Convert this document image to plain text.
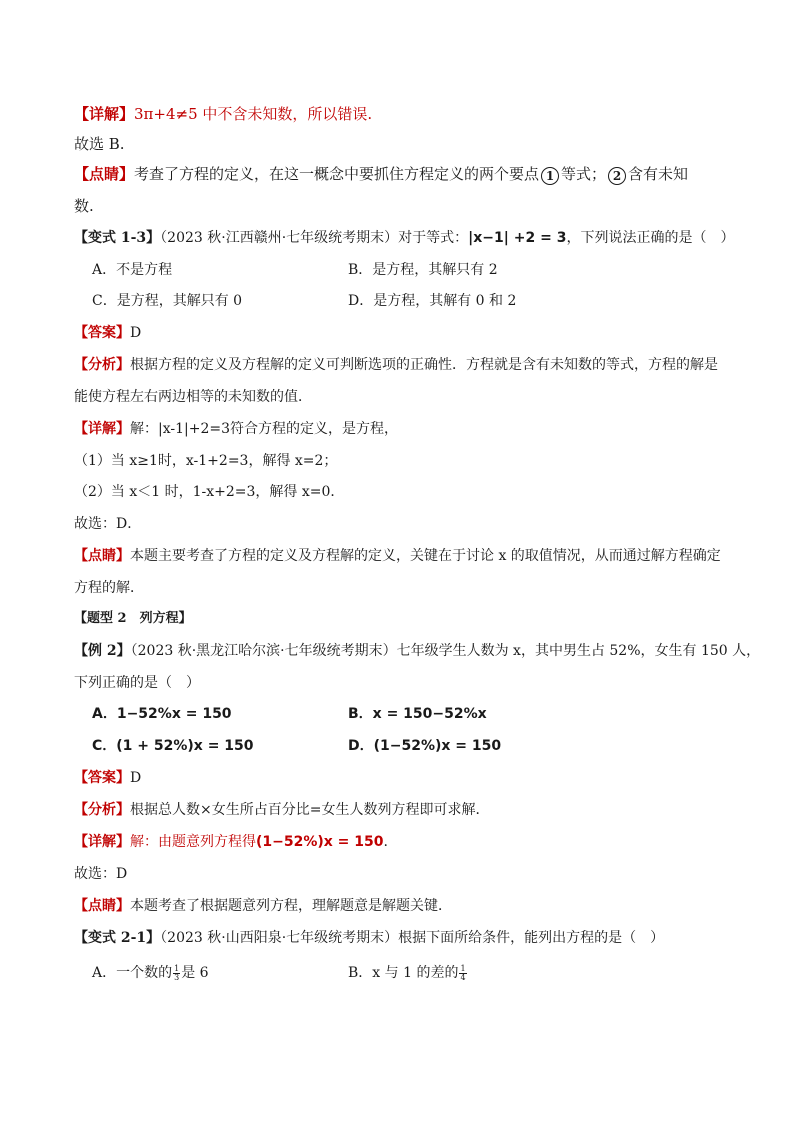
【详解】3π+4≠5 中不含未知数，所以错误.
故选 B.
【点睛】考查了方程的定义，在这一概念中要抓住方程定义的两个要点 1 等式； 2 含有未知
数.
【变式 1-3】（2023 秋·江西赣州·七年级统考期末）对于等式：|x−1| +2 = 3，下列说法正确的是（　）
A．不是方程	B．是方程，其解只有 2
C．是方程，其解只有 0	D．是方程，其解有 0 和 2
【答案】D
【分析】根据方程的定义及方程解的定义可判断选项的正确性．方程就是含有未知数的等式，方程的解是
能使方程左右两边相等的未知数的值．
【详解】解：|x-1|+2=3符合方程的定义，是方程，
（1）当 x≥1时，x-1+2=3，解得 x=2；
（2）当 x＜1 时，1-x+2=3，解得 x=0．
故选：D．
【点睛】本题主要考查了方程的定义及方程解的定义，关键在于讨论 x 的取值情况，从而通过解方程确定
方程的解．
【题型 2　列方程】
【例 2】（2023 秋·黑龙江哈尔滨·七年级统考期末）七年级学生人数为 x，其中男生占 52%，女生有 150 人，
下列正确的是（　）
A．1−52%x = 150	B．x = 150−52%x
C．(1 + 52%)x = 150	D．(1−52%)x = 150
【答案】D
【分析】根据总人数×女生所占百分比=女生人数列方程即可求解．
【详解】解：由题意列方程得(1−52%)x = 150.
故选：D
【点睛】本题考查了根据题意列方程，理解题意是解题关键．
【变式 2-1】（2023 秋·山西阳泉·七年级统考期末）根据下面所给条件，能列出方程的是（　）
A．一个数的 $\frac{1}{3}$ 是 6	B．x 与 1 的差的 $\frac{1}{4}$
